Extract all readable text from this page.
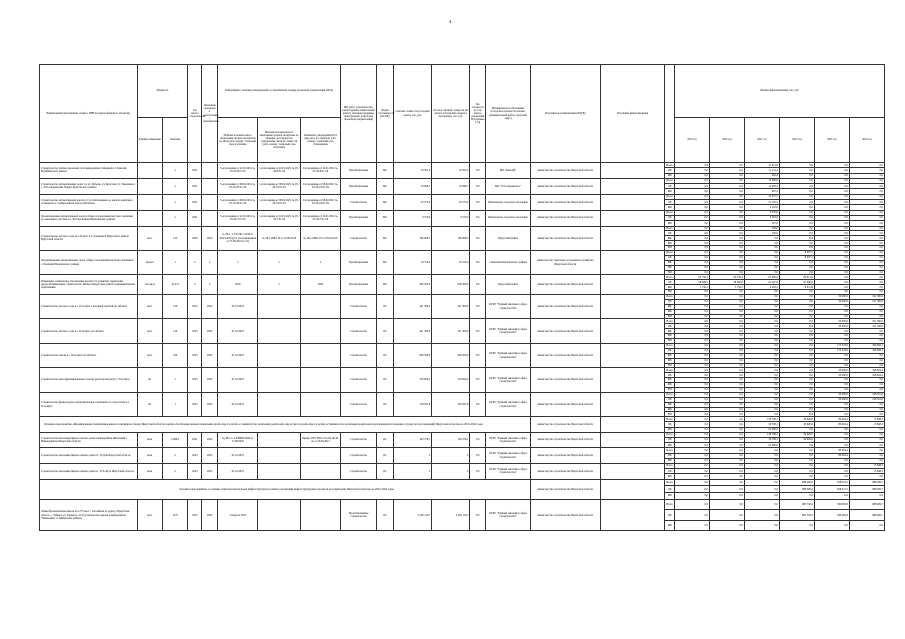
4
Наименование мероприятия, объекта, ПНР (в разрезе/формой по объектам)	Мощность		Год начала строительства	Плановый срок ввода в эксплуатацию / приобретения	Информация о наличии утвержденной в установленном порядке проектной документации (ПСД)			Вид работ (строительство, реконструкция, капитальный ремонт, техперевооружение, приобретение, разработка проектной документации)	Форма собственности (ОС/МС)	Сметная стоимость (в текущих ценах), тыс. руб.	Остаток сметной стоимости (на начало исполнения объекта в программу), тыс. руб.	Тех. готовность (в % на начало реализации Программы (%))	Муниципальное образование (городское/сельское поселение, муниципальный район, городской округ)	Исполнитель (наименование ИОГВ)	Источники финансирования		Объемы финансирования, тыс. руб.					
	Единица измерения	Значение			Наличие положительного заключения органов экспертизы на ПСД (дата, номер) / плановый срок получения	Наличие положительного заключения органов экспертизы по проверке достоверности определения сметной стоимости (дата, номер) / плановый срок получения	Реквизиты утверждения ПСД (вид акта, его издатель, дата, номер) / плановый срок утверждения										2019 год	2020 год	2021 год	2022 год	2023 год	2024 год
Строительство улично-дорожной сети микрорайона Западный в г. Бакаляй Бодайбинского района		х	2021		Согласование от 22.01.2021 № 05-59-8/21-59	Согласование от 22.01.2021 № 05-59-8/21-59	Согласование от 22.01.2021 № 05-59-8/21-59	Проектирование	МС	10 591,0	10 591,0	0%	МО "Бакалай"	министерство строительства Иркутской области		Всего	0,0	0,0	12 613,8	0,0	0,0	0,0
																ОБ	0,0	0,0	11 131,4	0,0	0,0	0,0
																МБ	0,0	0,0	482,4	0,0	0,0	0,0
Строительство автомобильных дорог по ул. Победы, ул. Братская, ул. Тимохина в с. Усть-Ордынский Эхирит-Булагатского района		х	2021		Согласование от 08.02.2021 № 05-59-23/21-59	Согласование от 08.02.2021 № 05-59-23/21-59	Согласование от 08.02.2021 № 05-59-23/21-59	Проектирование	МС	10 698,7	10 698,7	0%	МО "Усть-Ордынское"	министерство строительства Иркутской области		Всего	0,0	0,0	12 990,6	0,0	0,0	0,0
																ОБ	0,0	0,0	12 083,4	0,0	0,0	0,0
																МБ	0,0	0,0	907,2	0,0	0,0	0,0
Строительство автомобильной дороги от ул. Кабельщиков до жилого комплекса «Северное» в 3 микрорайоне города Шелехова		х	2021		Согласование от 08.02.2021 № 05-59-24/21-59	Согласование от 08.02.2021 № 05-59-24/21-59	Согласование от 08.02.2021 № 05-59-24/21-59	Строительство	МС	23 275,0	23 275,0	0%	Шелеховское городское поселение	министерство строительства Иркутской области		Всего	0,0	0,0	23 275,5	0,0	0,0	0,0
																ОБ	0,0	0,0	21 165,5	0,0	0,0	0,0
																МБ	0,0	0,0	2 110,0	0,0	0,0	0,0
Проектирование автомобильной дороги общего пользования местного значения до земельных участков в с. Чистые Ключи Шелеховского района		х	2021		Согласование от 22.01.2021 № 05-59-7/21-59	Согласование от 22.01.2021 № 05-59-7/21-59	Согласование от 22.01.2021 № 05-59-7/21-59	Проектирование	МС	9 570,0	9 570,0	0%	Шелеховское городское поселение	министерство строительства Иркутской области		Всего	0,0	0,0	9 570,0	0,0	0,0	0,0
																ОБ	0,0	0,0	9 263,0	0,0	0,0	0,0
																МБ	0,0	0,0	307,0	0,0	0,0	0,0
Строительство детского сада на 145 мест в п. Дзержинск Иркутского района Иркутской области	мест	145	2020	2020	№ 38-1-1-3-031611-2019 от 20.05.2019 (утв. распоряжением от 27.06.2019 № 51)	№ 38-1-0682-19 от 25.06.2019	№ 38-1-0682-19 от 25.06.2019	Строительство	МС	166 908,5	166 908,5	0%	Иркутский район	министерство строительства Иркутской области		Всего	0,0	0,0	256,0	0,0	0,0	0,0
																ОБ	0,0	0,0	256,0	0,0	0,0	0,0
																ФБ	0,0	0,0	0,0	0,0	0,0	0,0
																МБ	0,0	0,0	0,0	0,0	0,0	0,0
																ВИ	0,0	0,0	0,0	0,0	0,0	0,0
Проектирование автомобильных дорог общего пользования местного значения в с. Баклаши Шелеховского района	проект	1	х	х	х	х	х	Проектирование	МС	18 314,0	18 314,0	0%	с. Баклаши Шелеховского района	министерство транспорта и дорожного хозяйства Иркутской области		Всего	0,0	0,0	0,0	8 407,7	0,0	0,0
																ОБ	0,0	0,0	0,0	8 407,7	0,0	0,0
																ФБ	0,0	0,0	0,0	0,0	0,0	0,0
																МБ	0,0	0,0	0,0	0,0	0,0	0,0
																ВИ	0,0	0,0	0,0	0,0	0,0	0,0
Инженерно-техническое обеспечение проекта по развитию территорий, предусматривающих строительство жилья в Иркутском районе и муниципальном образовании	тыс.кв.м	22,251	х	х	2020	х	2020	Проектирование	МС	936 200,0	936 200,0	0%	Иркутский район	министерство строительства Иркутской области		Всего	62 756,3	62 756,3	67 900,0	89 611,8	0,0	0,0
																ОБ	58 000,0	58 000,0	61 497,8	81 000,0	0,0	0,0
																МБ	3 756,3	3 756,3	6 402,2	8 611,8	0,0	0,0
																ВИ	0,0	0,0	0,0	0,0	0,0	0,0
Строительство детского сада в г. Усть-Куте с ясельной группой на 140 мест	мест	140	2023	2024	01.01.2023			Строительство	ОС	241 300,0	241 300,0	0%	ОГКУ "Единый заказчик в сфере строительства"	министерство строительства Иркутской области		Всего	0,0	0,0	0,0	0,0	50 000,0	191 300,0
																ОБ	0,0	0,0	0,0	0,0	50 000,0	191 300,0
																ФБ	0,0	0,0	0,0	0,0	0,0	0,0
																МБ	0,0	0,0	0,0	0,0	0,0	0,0
																ВИ	0,0	0,0	0,0	0,0	0,0	0,0
Строительство детского сада в г. Усть-Куте на 140 мест	мест	140	2023	2024	01.01.2023			Строительство	ОС	241 300,0	241 300,0	0%	ОГКУ "Единый заказчик в сфере строительства"	министерство строительства Иркутской области		Всего	0,0	0,0	0,0	0,0	50 000,0	191 300,0
																ОБ	0,0	0,0	0,0	0,0	50 000,0	191 300,0
																ФБ	0,0	0,0	0,0	0,0	0,0	0,0
																МБ	0,0	0,0	0,0	0,0	0,0	0,0
																ВИ	0,0	0,0	0,0	0,0	0,0	0,0
Строительство школы в г. Усть-Куте на 520 мест	мест	520	2023	2024	01.01.2023			Строительство	ОС	660 500,0	660 500,0	0%	ОГКУ "Единый заказчик в сфере строительства"	министерство строительства Иркутской области		Всего	0,0	0,0	0,0	0,0	173 543,9	346 956,1
																ОБ	0,0	0,0	0,0	0,0	173 543,9	346 956,1
																ФБ	0,0	0,0	0,0	0,0	0,0	0,0
																МБ	0,0	0,0	0,0	0,0	0,0	0,0
																ВИ	0,0	0,0	0,0	0,0	0,0	0,0
Строительство многофункционального центра (дома культуры) в г. Усть-Куте	шт	1	2023	2024	01.01.2023			Строительство	ОС	218 824,4	218 824,4	0%	ОГКУ "Единый заказчик в сфере строительства"	министерство строительства Иркутской области		Всего	0,0	0,0	0,0	0,0	50 000,0	168 824,4
																ОБ	0,0	0,0	0,0	0,0	50 000,0	168 824,4
																ФБ	0,0	0,0	0,0	0,0	0,0	0,0
																МБ	0,0	0,0	0,0	0,0	0,0	0,0
																ВИ	0,0	0,0	0,0	0,0	0,0	0,0
Строительство физкультурно-оздоровительного комплекса со спортзалом в г. Усть-Куте	шт	1	2023	2024	01.01.2023			Строительство	ОС	218 561,8	218 561,8	0%	ОГКУ "Единый заказчик в сфере строительства"	министерство строительства Иркутской области		Всего	0,0	0,0	0,0	0,0	50 000,0	168 561,8
																ОБ	0,0	0,0	0,0	0,0	50 000,0	168 561,8
																ФБ	0,0	0,0	0,0	0,0	0,0	0,0
																МБ	0,0	0,0	0,0	0,0	0,0	0,0
																ВИ	0,0	0,0	0,0	0,0	0,0	0,0
Основное мероприятие «Формирование специализированного жилищного фонда Иркутской области в целях обеспечения жильем пожилыми детей-сирот и детей, оставшихся без попечения родителей, лиц из числа детей-сирот и детей, оставшихся без попечения родителей и нуждающихся в помощи государства (организаций) Иркутской области» на 2019-2024 годы														министерство строительства Иркутской области		Всего	0,0	0,0	128 798,1	29 920,0	80 604,4	15 848,3
																ОБ	0,0	0,0	59 798,1	29 920,0	80 604,4	15 848,3
																МБ	0,0	0,0	61 000,0	0,0	0,0	0,0
Строительство многоквартирного жилого дома в микрорайоне Железный г. Нижнеудинска Иркутской области	кв.м	2 966,5	2021	2022	№ 38-1-1-3-038608-2020 от 17.08.2020		Приказ ГКУ НО СЗ № 82-Ж-30-ок от 26.03.2021	Строительство	ОС	163 378,1	163 378,1	0%	ОГКУ "Единый заказчик в сфере строительства"	министерство строительства Иркутской области		Всего	0,0	0,0	128 798,1	29 920,0	0,0	0,0
																ОБ	0,0	0,0	59 798,1	29 920,0	0,0	0,0
																МБ	0,0	0,0	61 000,0	0,0	0,0	0,0
Строительство многоквартирного жилого дома в г. Тулуне Иркутской области	кв.м	х	2023	2023	01.01.2023			Строительство	ОС	х	х	0%	ОГКУ "Единый заказчик в сфере строительства"	министерство строительства Иркутской области		Всего	0,0	0,0	0,0	0,0	80 604,4	0,0
																ОБ	0,0	0,0	0,0	0,0	80 604,4	0,0
																МБ	0,0	0,0	0,0	0,0	0,0	0,0
Строительство многоквартирного жилого дома в г. Усть-Куте Иркутской области	кв.м	х	2023	2023	01.01.2023			Строительство	ОС	х	х	0%	ОГКУ "Единый заказчик в сфере строительства"	министерство строительства Иркутской области		Всего	0,0	0,0	0,0	0,0	0,0	15 848,3
																ОБ	0,0	0,0	0,0	0,0	0,0	15 848,3
																МБ	0,0	0,0	0,0	0,0	0,0	0,0
Основное мероприятие «Создание общеобразовательной инфраструктуры в рамках реализации инфраструктурных проектов на территории Иркутской области» на 2022-2024 годы														министерство строительства Иркутской области		Всего	0,0	0,0	0,0	988 000,0	658 041,5	988 469,7
																ОБ	0,0	0,0	0,0	988 000,0	658 041,5	988 469,7
																МБ	0,0	0,0	0,0	0,0	0,0	0,0
Общеобразовательная школа на 1275 мест с бассейном по адресу: Иркутская область, г. Тайшет, ул. Горького, 25 (Строительство школы в микрорайоне "Мальцевка" в Тайшетском районе)	мест	1275	2022	2024	3 квартал 2022			Проектирование/строительство	ОС	2 340 110,7	2 340 110,7	0%	ОГКУ "Единый заказчик в сфере строительства"	министерство строительства Иркутской области		Всего	0,0	0,0	0,0	983 558,4	584 082,8	988 469,7
																ОБ	0,0	0,0	0,0	983 558,4	584 082,8	988 469,7
																МБ	0,0	0,0	0,0	0,0	0,0	0,0
